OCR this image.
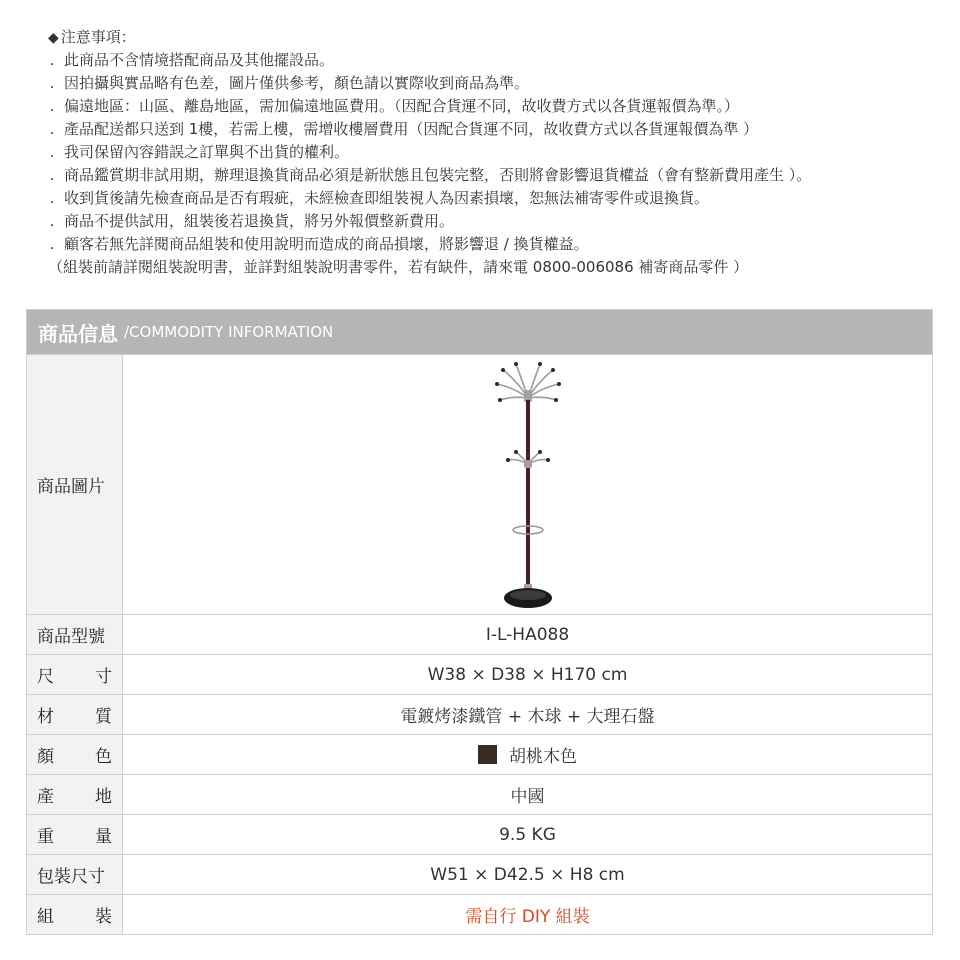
◆ 注意事項：
. 此商品不含情境搭配商品及其他擺設品。
. 因拍攝與實品略有色差，圖片僅供參考，顏色請以實際收到商品為準。
. 偏遠地區：山區、離島地區，需加偏遠地區費用。（因配合貨運不同，故收費方式以各貨運報價為準。）
. 產品配送都只送到 1樓，若需上樓，需增收樓層費用（因配合貨運不同，故收費方式以各貨運報價為準 ）
. 我司保留內容錯誤之訂單與不出貨的權利。
. 商品鑑賞期非試用期，辦理退換貨商品必須是新狀態且包裝完整，否則將會影響退貨權益（會有整新費用產生 ）。
. 收到貨後請先檢查商品是否有瑕疵，未經檢查即組裝視人為因素損壞，恕無法補寄零件或退換貨。
. 商品不提供試用，組裝後若退換貨，將另外報價整新費用。
. 顧客若無先詳閱商品組裝和使用說明而造成的商品損壞，將影響退 / 換貨權益。
（組裝前請詳閱組裝說明書，並詳對組裝說明書零件，若有缺件，請來電 0800-006086 補寄商品零件 ）
商品信息 /COMMODITY INFORMATION
商品圖片
商品型號	I-L-HA088
尺 寸	W38 × D38 × H170 cm
材 質	電鍍烤漆鐵管 + 木球 + 大理石盤
顏 色	胡桃木色
產 地	中國
重 量	9.5 KG
包裝尺寸	W51 × D42.5 × H8 cm
組 裝	需自行 DIY 組裝
